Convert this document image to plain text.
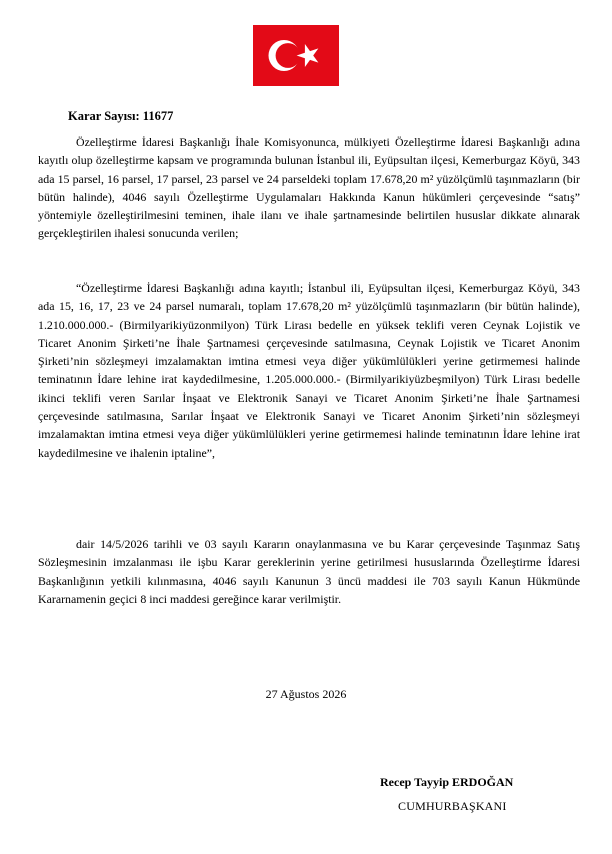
Karar Sayısı: 11677

Özelleştirme İdaresi Başkanlığı İhale Komisyonunca, mülkiyeti Özelleştirme İdaresi Başkanlığı adına kayıtlı olup özelleştirme kapsam ve programında bulunan İstanbul ili, Eyüpsultan ilçesi, Kemerburgaz Köyü, 343 ada 15 parsel, 16 parsel, 17 parsel, 23 parsel ve 24 parseldeki toplam 17.678,20 m² yüzölçümlü taşınmazların (bir bütün halinde), 4046 sayılı Özelleştirme Uygulamaları Hakkında Kanun hükümleri çerçevesinde “satış” yöntemiyle özelleştirilmesini teminen, ihale ilanı ve ihale şartnamesinde belirtilen hususlar dikkate alınarak gerçekleştirilen ihalesi sonucunda verilen;

“Özelleştirme İdaresi Başkanlığı adına kayıtlı; İstanbul ili, Eyüpsultan ilçesi, Kemerburgaz Köyü, 343 ada 15, 16, 17, 23 ve 24 parsel numaralı, toplam 17.678,20 m² yüzölçümlü taşınmazların (bir bütün halinde), 1.210.000.000.- (Birmilyarikiyüzonmilyon) Türk Lirası bedelle en yüksek teklifi veren Ceynak Lojistik ve Ticaret Anonim Şirketi’ne İhale Şartnamesi çerçevesinde satılmasına, Ceynak Lojistik ve Ticaret Anonim Şirketi’nin sözleşmeyi imzalamaktan imtina etmesi veya diğer yükümlülükleri yerine getirmemesi halinde teminatının İdare lehine irat kaydedilmesine, 1.205.000.000.- (Birmilyarikiyüzbeşmilyon) Türk Lirası bedelle ikinci teklifi veren Sarılar İnşaat ve Elektronik Sanayi ve Ticaret Anonim Şirketi’ne İhale Şartnamesi çerçevesinde satılmasına, Sarılar İnşaat ve Elektronik Sanayi ve Ticaret Anonim Şirketi’nin sözleşmeyi imzalamaktan imtina etmesi veya diğer yükümlülükleri yerine getirmemesi halinde teminatının İdare lehine irat kaydedilmesine ve ihalenin iptaline”,

dair 14/5/2026 tarihli ve 03 sayılı Kararın onaylanmasına ve bu Karar çerçevesinde Taşınmaz Satış Sözleşmesinin imzalanması ile işbu Karar gereklerinin yerine getirilmesi hususlarında Özelleştirme İdaresi Başkanlığının yetkili kılınmasına, 4046 sayılı Kanunun 3 üncü maddesi ile 703 sayılı Kanun Hükmünde Kararnamenin geçici 8 inci maddesi gereğince karar verilmiştir.

27 Ağustos 2026

Recep Tayyip ERDOĞAN

CUMHURBAŞKANI
